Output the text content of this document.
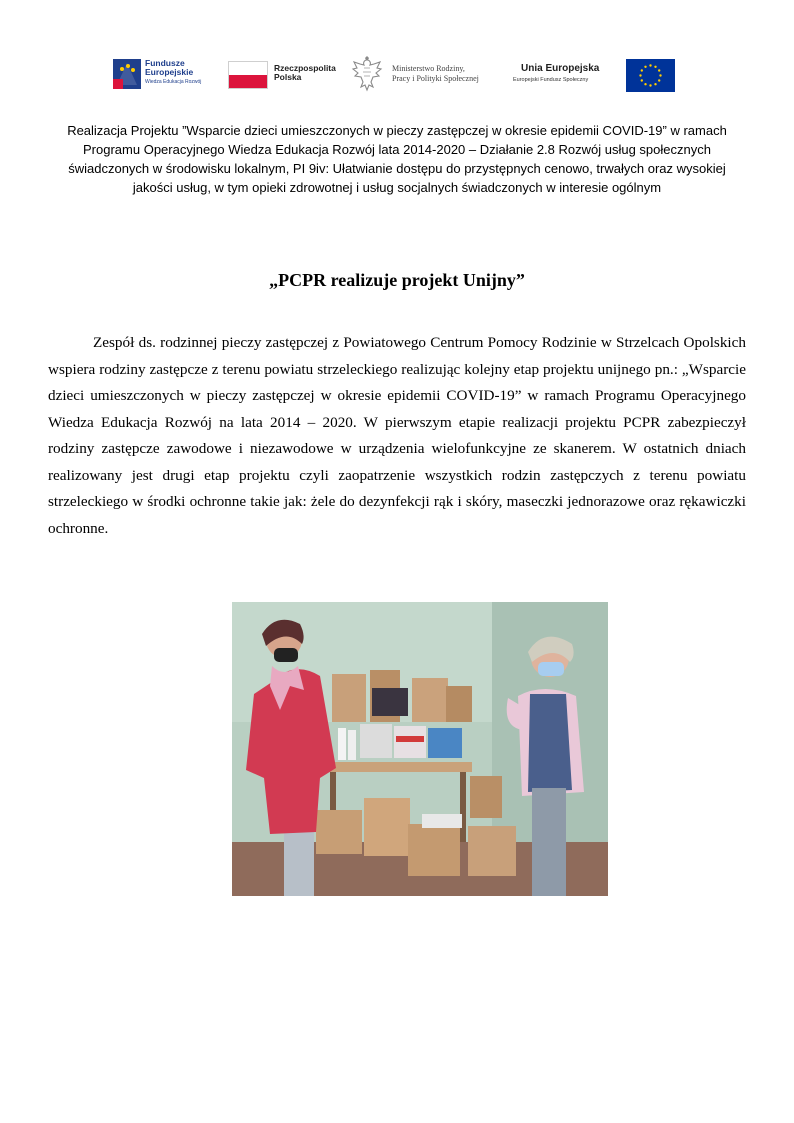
Fundusze
Europejskie
Wiedza Edukacja Rozwój
Rzeczpospolita
Polska
Ministerstwo Rodziny,
Pracy i Polityki Społecznej
Unia Europejska
Europejski Fundusz Społeczny

Realizacja Projektu ”Wsparcie dzieci umieszczonych w pieczy zastępczej w okresie epidemii COVID-19” w ramach

Programu Operacyjnego Wiedza Edukacja Rozwój lata 2014-2020 – Działanie 2.8 Rozwój usług społecznych

świadczonych w środowisku lokalnym, PI 9iv: Ułatwianie dostępu do przystępnych cenowo, trwałych oraz wysokiej

jakości usług, w tym opieki zdrowotnej i usług socjalnych świadczonych w interesie ogólnym

„PCPR realizuje projekt Unijny”

Zespół ds. rodzinnej pieczy zastępczej z Powiatowego Centrum Pomocy Rodzinie w Strzelcach Opolskich wspiera rodziny zastępcze z terenu powiatu strzeleckiego realizując kolejny etap projektu unijnego pn.: „Wsparcie dzieci umieszczonych w pieczy zastępczej w okresie epidemii COVID-19” w ramach Programu Operacyjnego Wiedza Edukacja Rozwój na lata 2014 – 2020. W pierwszym etapie realizacji projektu PCPR zabezpieczył rodziny zastępcze zawodowe i niezawodowe w urządzenia wielofunkcyjne ze skanerem. W ostatnich dniach realizowany jest drugi etap projektu czyli zaopatrzenie wszystkich rodzin zastępczych z terenu powiatu strzeleckiego w środki ochronne takie jak: żele do dezynfekcji rąk i skóry, maseczki jednorazowe oraz rękawiczki ochronne.
